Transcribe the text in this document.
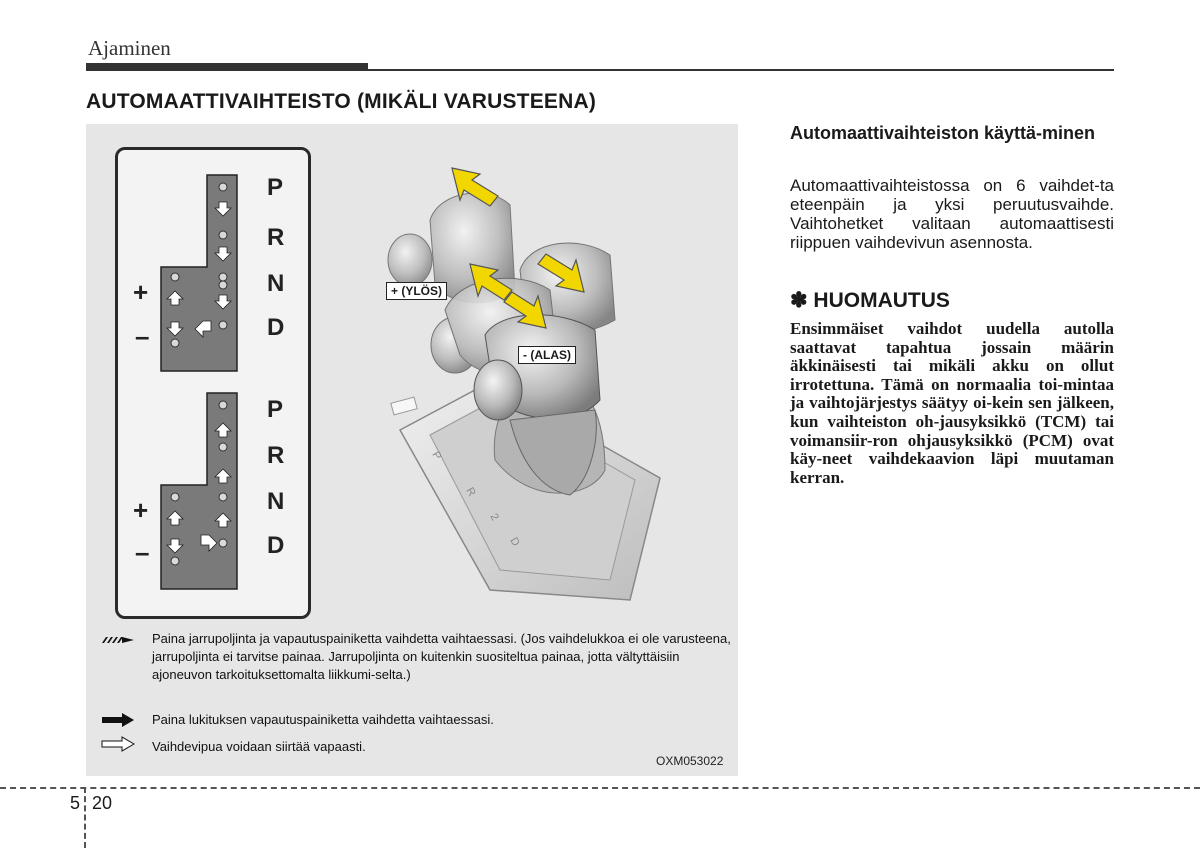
Ajaminen
AUTOMAATTIVAIHTEISTO (MIKÄLI VARUSTEENA)
P
R
N
D
+
–
P
R
N
D
+
–
P
R
2
D
+ (YLÖS)
- (ALAS)
Paina jarrupoljinta ja vapautuspainiketta vaihdetta vaihtaessasi. (Jos vaihdelukkoa ei ole varusteena, jarrupoljinta ei tarvitse painaa. Jarrupoljinta on kuitenkin suositeltua painaa, jotta vältyttäisiin ajoneuvon tarkoituksettomalta liikkumi-selta.)
Paina lukituksen vapautuspainiketta vaihdetta vaihtaessasi.
Vaihdevipua voidaan siirtää vapaasti.
OXM053022
Automaattivaihteiston käyttä-minen
Automaattivaihteistossa on 6 vaihdet-ta eteenpäin ja yksi peruutusvaihde. Vaihtohetket valitaan automaattisesti riippuen vaihdevivun asennosta.
✽ HUOMAUTUS
Ensimmäiset vaihdot uudella autolla saattavat tapahtua jossain määrin äkkinäisesti tai mikäli akku on ollut irrotettuna. Tämä on normaalia toi-mintaa ja vaihtojärjestys säätyy oi-kein sen jälkeen, kun vaihteiston oh-jausyksikkö (TCM) tai voimansiir-ron ohjausyksikkö (PCM) ovat käy-neet vaihdekaavion läpi muutaman kerran.
5 20
